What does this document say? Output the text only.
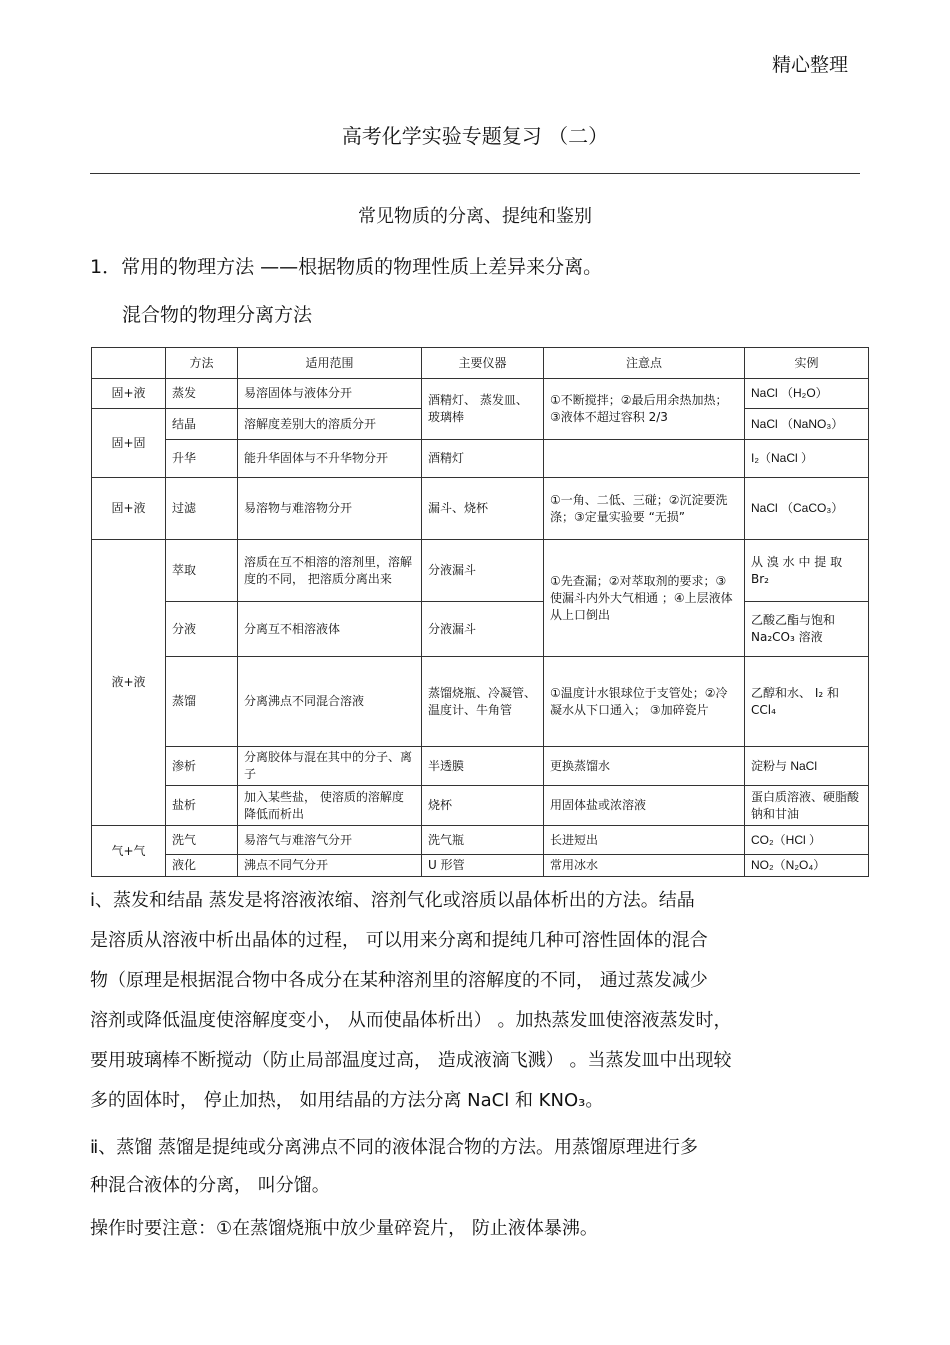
精心整理
高考化学实验专题复习 （二）
常见物质的分离、提纯和鉴别
1．常用的物理方法 ——根据物质的物理性质上差异来分离。
混合物的物理分离方法
	方法	适用范围	主要仪器	注意点	实例
固+液	蒸发	易溶固体与液体分开	酒精灯、 蒸发皿、玻璃棒	①不断搅拌；②最后用余热加热；③液体不超过容积 2/3	NaCl （H₂O）
固+固	结晶	溶解度差别大的溶质分开			NaCl （NaNO₃）
	升华	能升华固体与不升华物分开	酒精灯		I₂（NaCl ）
固+液	过滤	易溶物与难溶物分开	漏斗、烧杯	①一角、二低、三碰；②沉淀要洗涤；③定量实验要 “无损”	NaCl （CaCO₃）
液+液	萃取	溶质在互不相溶的溶剂里，溶解度的不同， 把溶质分离出来	分液漏斗	①先查漏；②对萃取剂的要求；③使漏斗内外大气相通 ；④上层液体从上口倒出	从 溴 水 中 提 取 Br₂
	分液	分离互不相溶液体	分液漏斗		乙酸乙酯与饱和 Na₂CO₃ 溶液
	蒸馏	分离沸点不同混合溶液	蒸馏烧瓶、冷凝管、温度计、牛角管	①温度计水银球位于支管处；②冷凝水从下口通入； ③加碎瓷片	乙醇和水、 I₂ 和 CCl₄
	渗析	分离胶体与混在其中的分子、离子	半透膜	更换蒸馏水	淀粉与 NaCl
	盐析	加入某些盐， 使溶质的溶解度降低而析出	烧杯	用固体盐或浓溶液	蛋白质溶液、硬脂酸钠和甘油
气+气	洗气	易溶气与难溶气分开	洗气瓶	长进短出	CO₂（HCl ）
	液化	沸点不同气分开	U 形管	常用冰水	NO₂（N₂O₄）
ⅰ、蒸发和结晶 蒸发是将溶液浓缩、溶剂气化或溶质以晶体析出的方法。结晶
是溶质从溶液中析出晶体的过程， 可以用来分离和提纯几种可溶性固体的混合
物（原理是根据混合物中各成分在某种溶剂里的溶解度的不同， 通过蒸发减少
溶剂或降低温度使溶解度变小， 从而使晶体析出） 。加热蒸发皿使溶液蒸发时，
要用玻璃棒不断搅动（防止局部温度过高， 造成液滴飞溅） 。当蒸发皿中出现较
多的固体时， 停止加热， 如用结晶的方法分离 NaCl 和 KNO₃。
ⅱ、蒸馏 蒸馏是提纯或分离沸点不同的液体混合物的方法。用蒸馏原理进行多
种混合液体的分离， 叫分馏。
操作时要注意：①在蒸馏烧瓶中放少量碎瓷片， 防止液体暴沸。
